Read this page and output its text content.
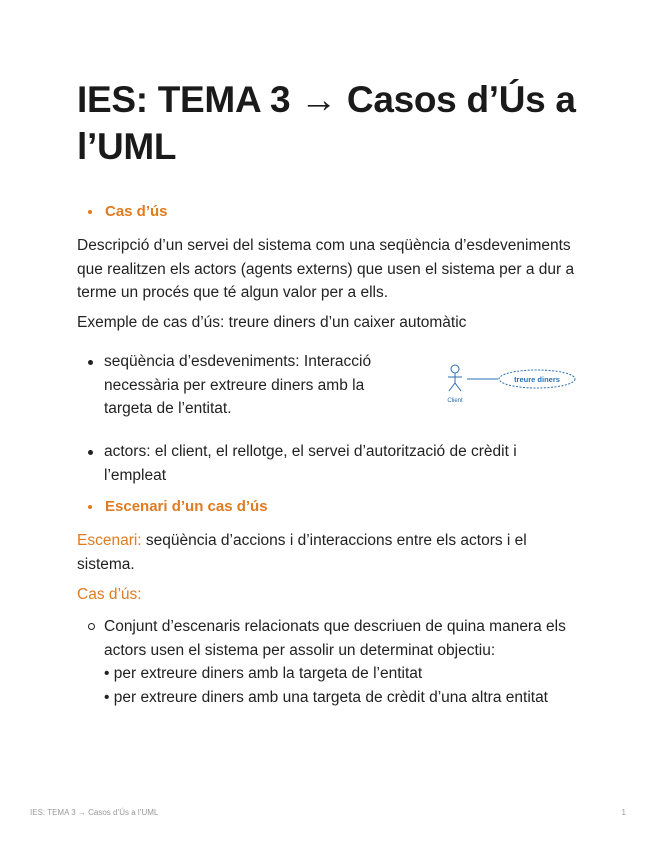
IES: TEMA 3 → Casos d’Ús a l’UML

Cas d’ús

Descripció d’un servei del sistema com una seqüència d’esdeveniments que realitzen els actors (agents externs) que usen el sistema per a dur a terme un procés que té algun valor per a ells.

Exemple de cas d’ús: treure diners d’un caixer automàtic

seqüència d’esdeveniments: Interacció necessària per extreure diners amb la targeta de l’entitat.	Client
treure diners
actors: el client, el rellotge, el servei d’autorització de crèdit i l’empleat

Escenari d’un cas d’ús

Escenari: seqüència d’accions i d’interaccions entre els actors i el sistema.

Cas d’ús:

Conjunt d’escenaris relacionats que descriuen de quina manera els actors usen el sistema per assolir un determinat objectiu:
• per extreure diners amb la targeta de l’entitat
• per extreure diners amb una targeta de crèdit d’una altra entitat
IES: TEMA 3 → Casos d’Ús a l’UML	1
